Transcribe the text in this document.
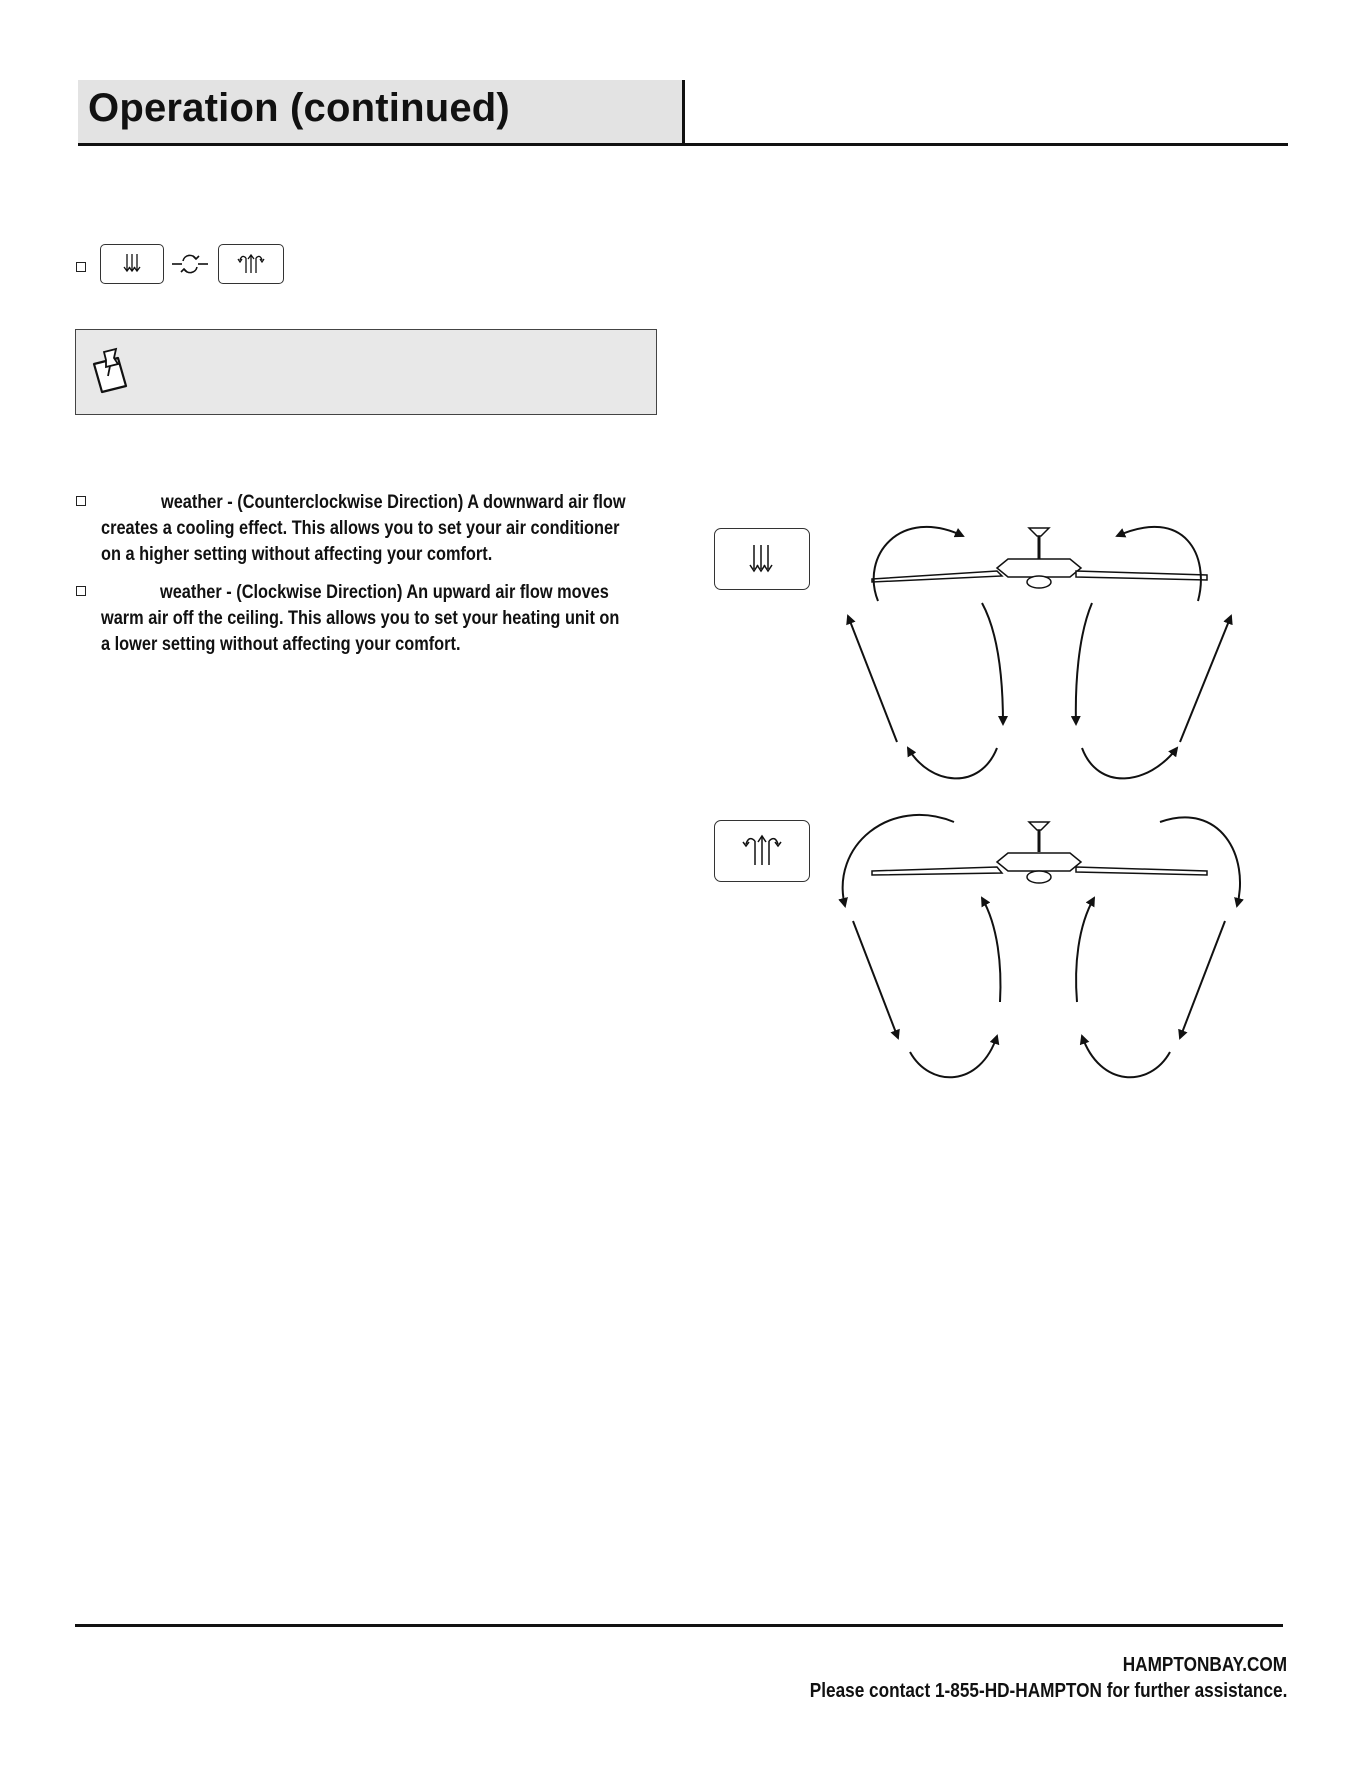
Operation (continued)
weather - (Counterclockwise Direction) A downward air flow
creates a cooling effect. This allows you to set your air conditioner
on a higher setting without affecting your comfort.
weather - (Clockwise Direction) An upward air flow moves
warm air off the ceiling. This allows you to set your heating unit on
a lower setting without affecting your comfort.
HAMPTONBAY.COM
Please contact 1-855-HD-HAMPTON for further assistance.
